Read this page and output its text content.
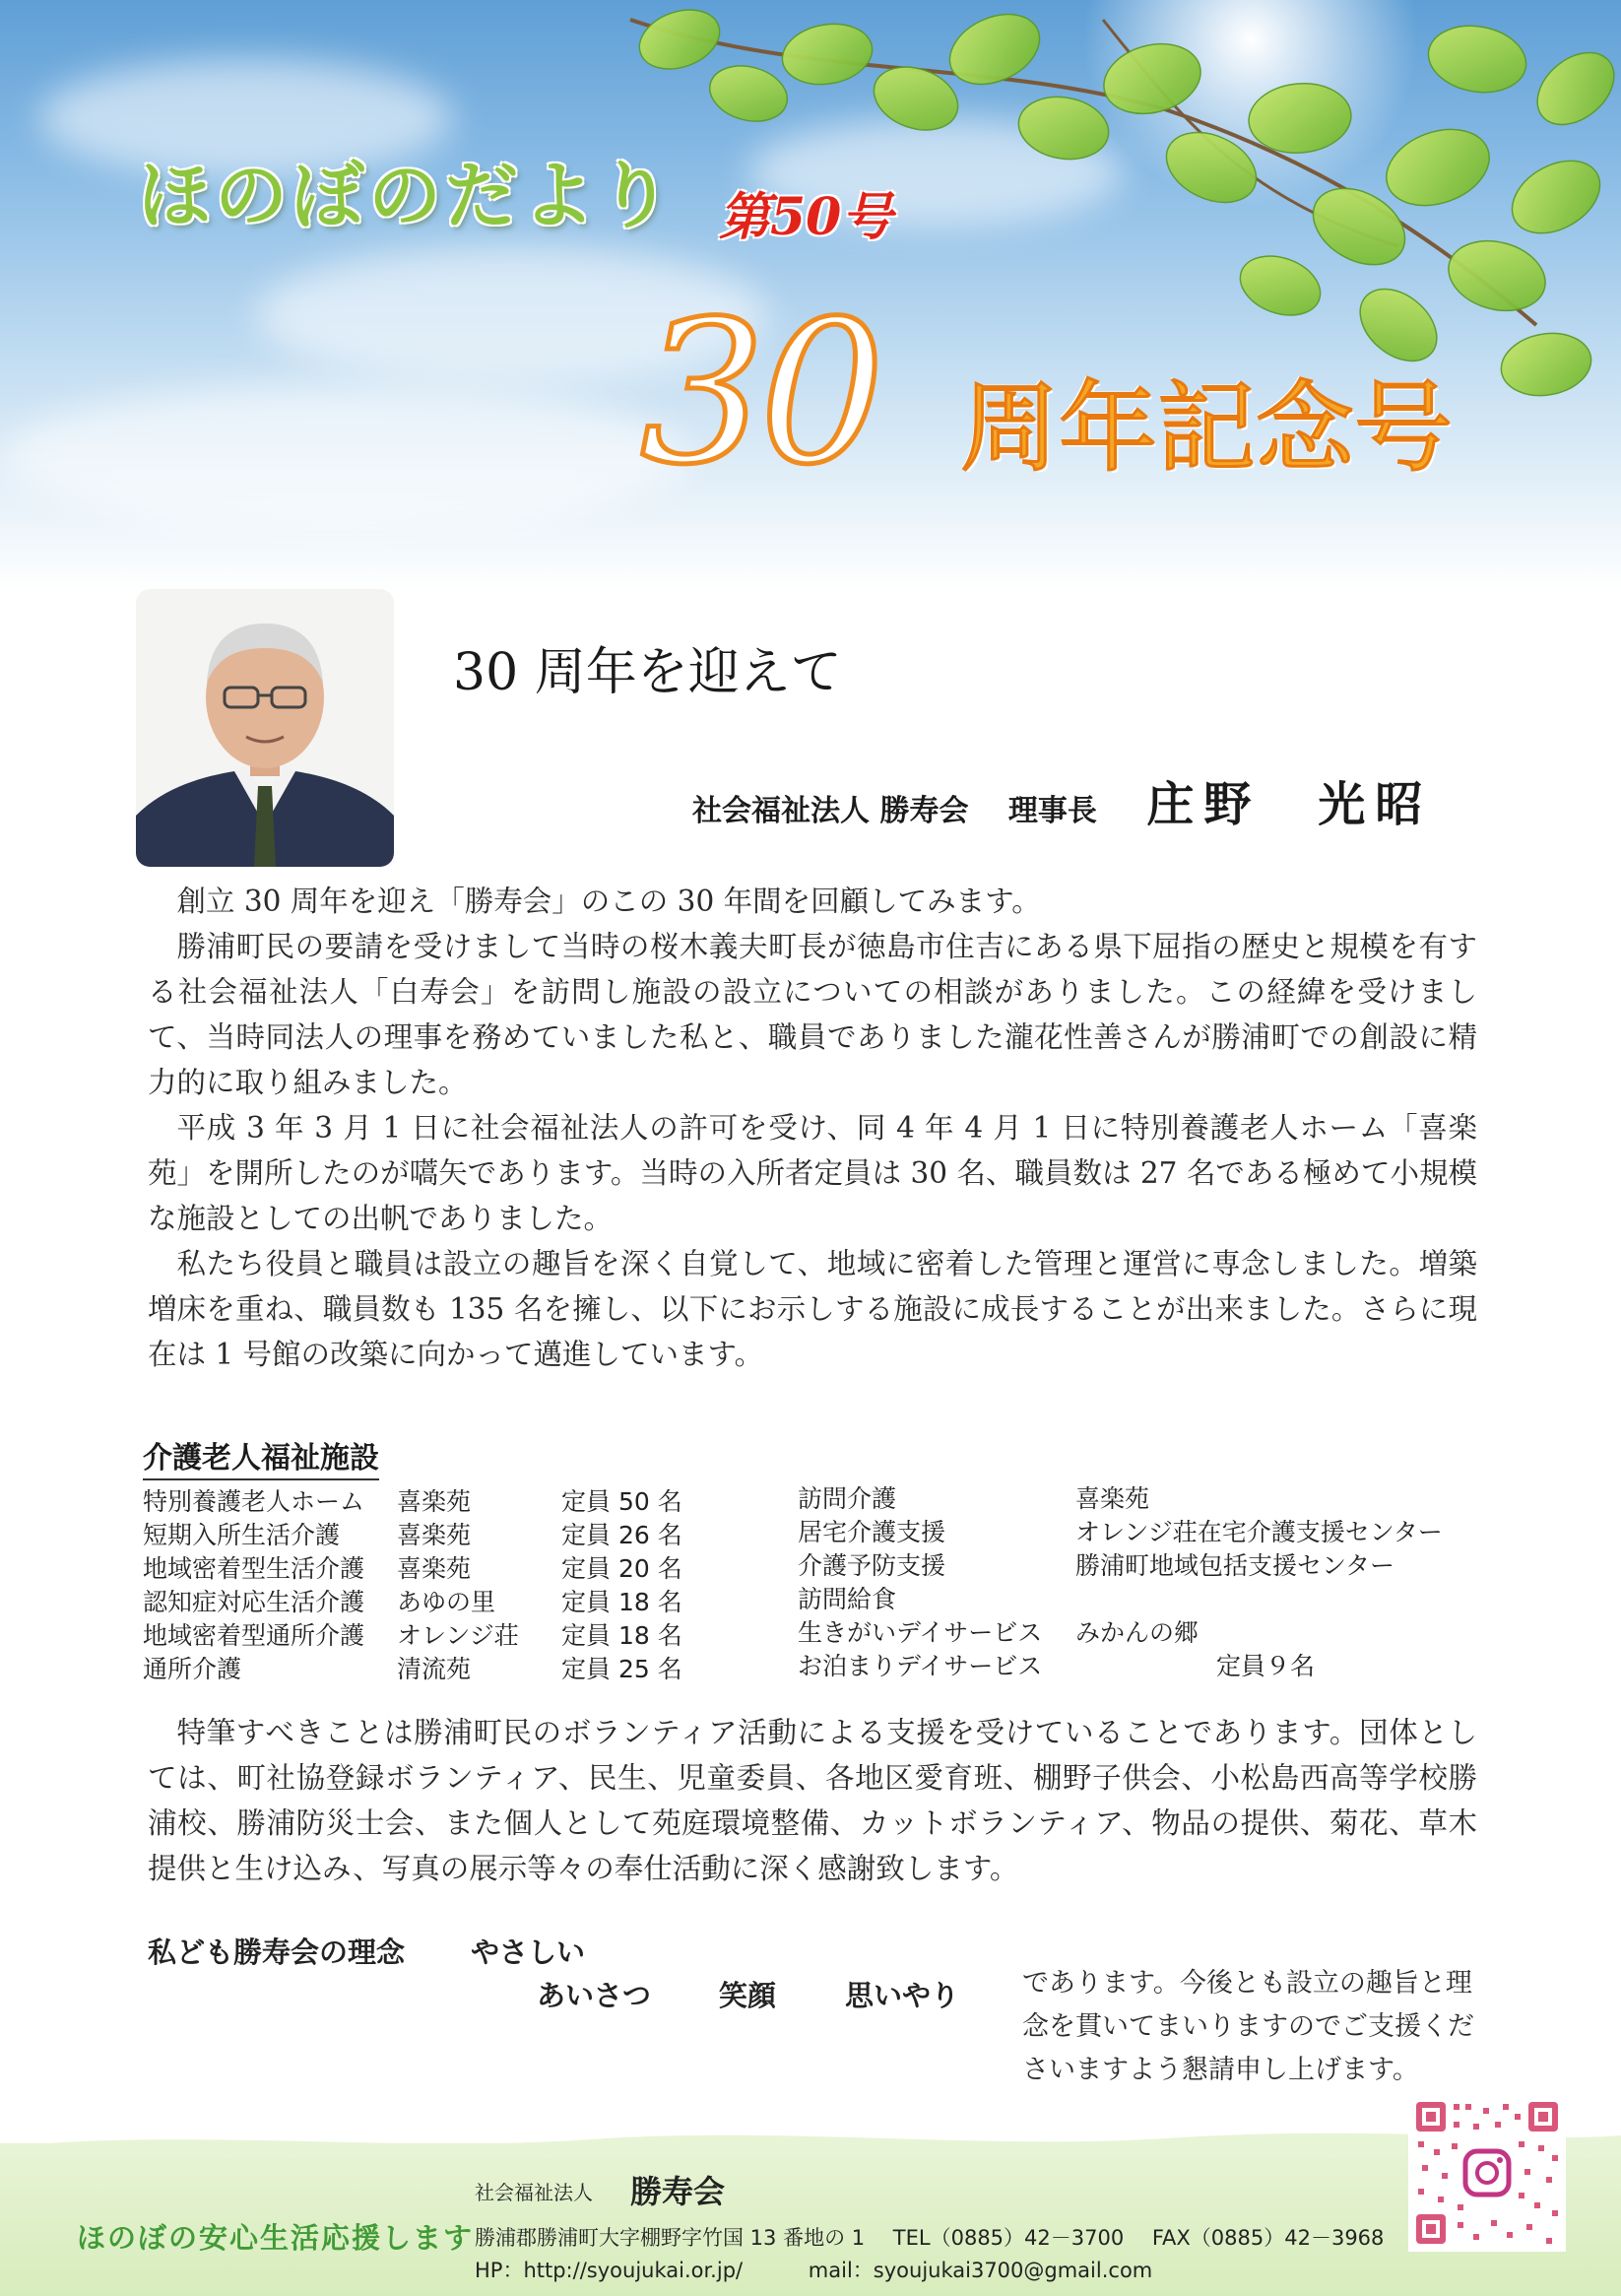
ほのぼのだより 第50号
30 周年記念号
30 周年を迎えて
社会福祉法人 勝寿会 理事長 庄野　光昭

創立 30 周年を迎え「勝寿会」のこの 30 年間を回顧してみます。

勝浦町民の要請を受けまして当時の桜木義夫町長が徳島市住吉にある県下屈指の歴史と規模を有する社会福祉法人「白寿会」を訪問し施設の設立についての相談がありました。この経緯を受けまして、当時同法人の理事を務めていました私と、職員でありました瀧花性善さんが勝浦町での創設に精力的に取り組みました。

平成 3 年 3 月 1 日に社会福祉法人の許可を受け、同 4 年 4 月 1 日に特別養護老人ホーム「喜楽苑」を開所したのが嚆矢であります。当時の入所者定員は 30 名、職員数は 27 名である極めて小規模な施設としての出帆でありました。

私たち役員と職員は設立の趣旨を深く自覚して、地域に密着した管理と運営に専念しました。増築増床を重ね、職員数も 135 名を擁し、以下にお示しする施設に成長することが出来ました。さらに現在は 1 号館の改築に向かって邁進しています。

介護老人福祉施設
特別養護老人ホーム 喜楽苑	定員 50 名
短期入所生活介護 喜楽苑	定員 26 名
地域密着型生活介護 喜楽苑	定員 20 名
認知症対応生活介護 あゆの里	定員 18 名
地域密着型通所介護 オレンジ荘 定員 18 名
通所介護	清流苑	定員 25 名
訪問介護	喜楽苑
居宅介護支援	オレンジ荘在宅介護支援センター
介護予防支援	勝浦町地域包括支援センター
訪問給食
生きがいデイサービス みかんの郷
お泊まりデイサービス	定員９名
特筆すべきことは勝浦町民のボランティア活動による支援を受けていることであります。団体としては、町社協登録ボランティア、民生、児童委員、各地区愛育班、棚野子供会、小松島西高等学校勝浦校、勝浦防災士会、また個人として苑庭環境整備、カットボランティア、物品の提供、菊花、草木提供と生け込み、写真の展示等々の奉仕活動に深く感謝致します。
私ども勝寿会の理念 やさしい
あいさつ 笑顔 思いやり であります。今後とも設立の趣旨と理念を貫いてまいりますのでご支援くださいますよう懇請申し上げます。
ほのぼの安心生活応援します
社会福祉法人 勝寿会
勝浦郡勝浦町大字棚野字竹国 13 番地の 1 TEL（0885）42－3700 FAX（0885）42－3968
HP：http://syoujukai.or.jp/	mail：syoujukai3700@gmail.com
